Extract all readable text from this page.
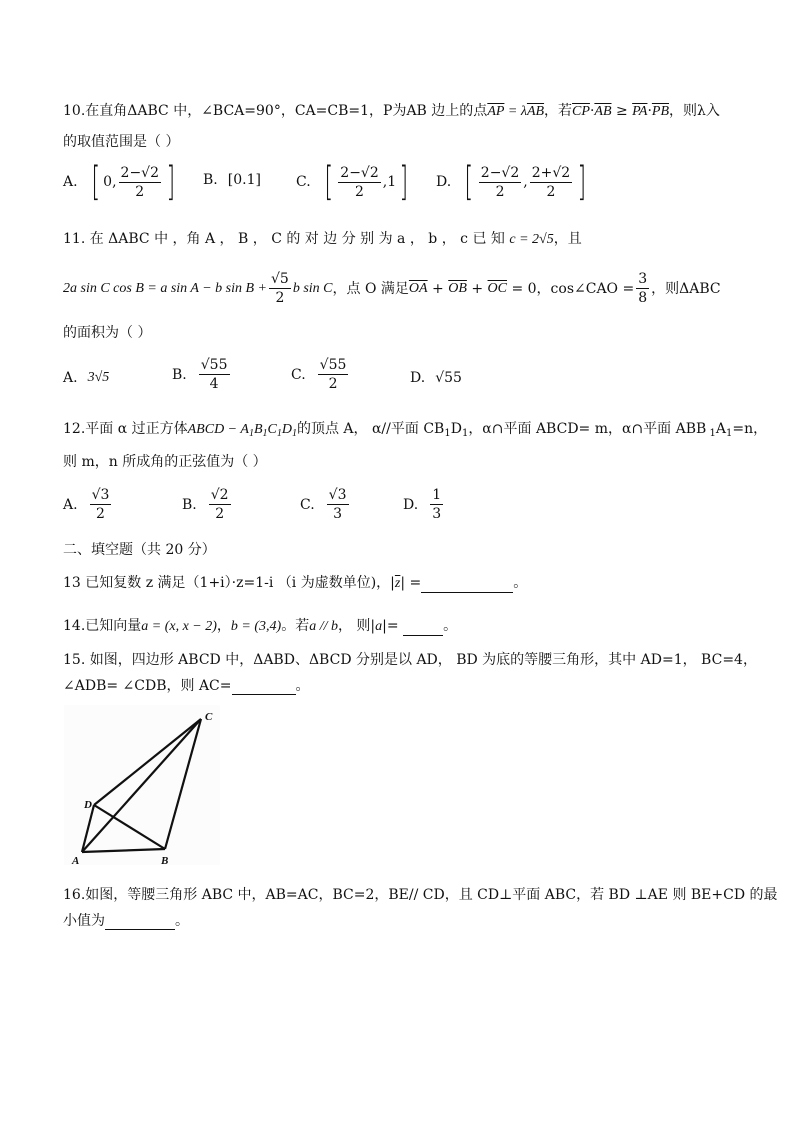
10.在直角ΔABC 中，∠BCA=90°，CA=CB=1，P为AB 边上的点$\overline{AP} = \lambda\overline{AB}$，若$\overline{CP}\cdot\overline{AB} \ge \overline{PA}\cdot\overline{PB}$，则λ入
的取值范围是（ ）
A. [ 0, $\frac{2-√2}{2}$ ] B. [0.1]	C. [ $\frac{2-√2}{2} ,1$ ] D. [ $\frac{2-√2}{2}$ , $\frac{2+√2}{2}$ ]
11. 在 ΔABC 中 ，角 A ， B ， C 的 对 边 分 别 为 a ， b ， c 已 知 c = 2√5，且
2a sin C cos B = a sin A − b $\sin B + \frac{√5}{2}$ b sin C ，点 O 满足 $\overline{OA} + \overline{OB} + \overline{OC}$
= 0 ，cos∠CAO = $\frac{3}{8}$ ，则ΔABC
的面积为（ ）
A. 3√5	B. $\frac{√55}{4}$	C. $\frac{√55}{2}$	D. √55
12.平面 α 过正方体ABCD − $A_1B_1C_1D_1$的顶点 A， α//平面 $CB_1D_1$，α∩平面 ABCD= m，α∩平面 ABB $_1A_1=n$，
则 m，n 所成角的正弦值为（ ）
A. $\frac{√3}{2}$	B. $\frac{√2}{2}$	C. $\frac{√3}{3}$	D. $\frac{1}{3}$
二、填空题（共 20 分）
13 已知复数 z 满足（1+i）·z=1-i （i 为虚数单位)，$|\overline{z}|$ =	。
14.已知向量a = (x, x − 2)，b = (3,4)。若a // b， 则|a|=	。
15. 如图，四边形 ABCD 中，ΔABD、ΔBCD 分别是以 AD， BD 为底的等腰三角形，其中 AD=1， BC=4，
∠ADB= ∠CDB，则 AC=	。
A	B
C
D
16.如图，等腰三角形 ABC 中，AB=AC，BC=2，BE// CD，且 CD⊥平面 ABC，若 BD ⊥AE 则 BE+CD 的最
小值为	。
